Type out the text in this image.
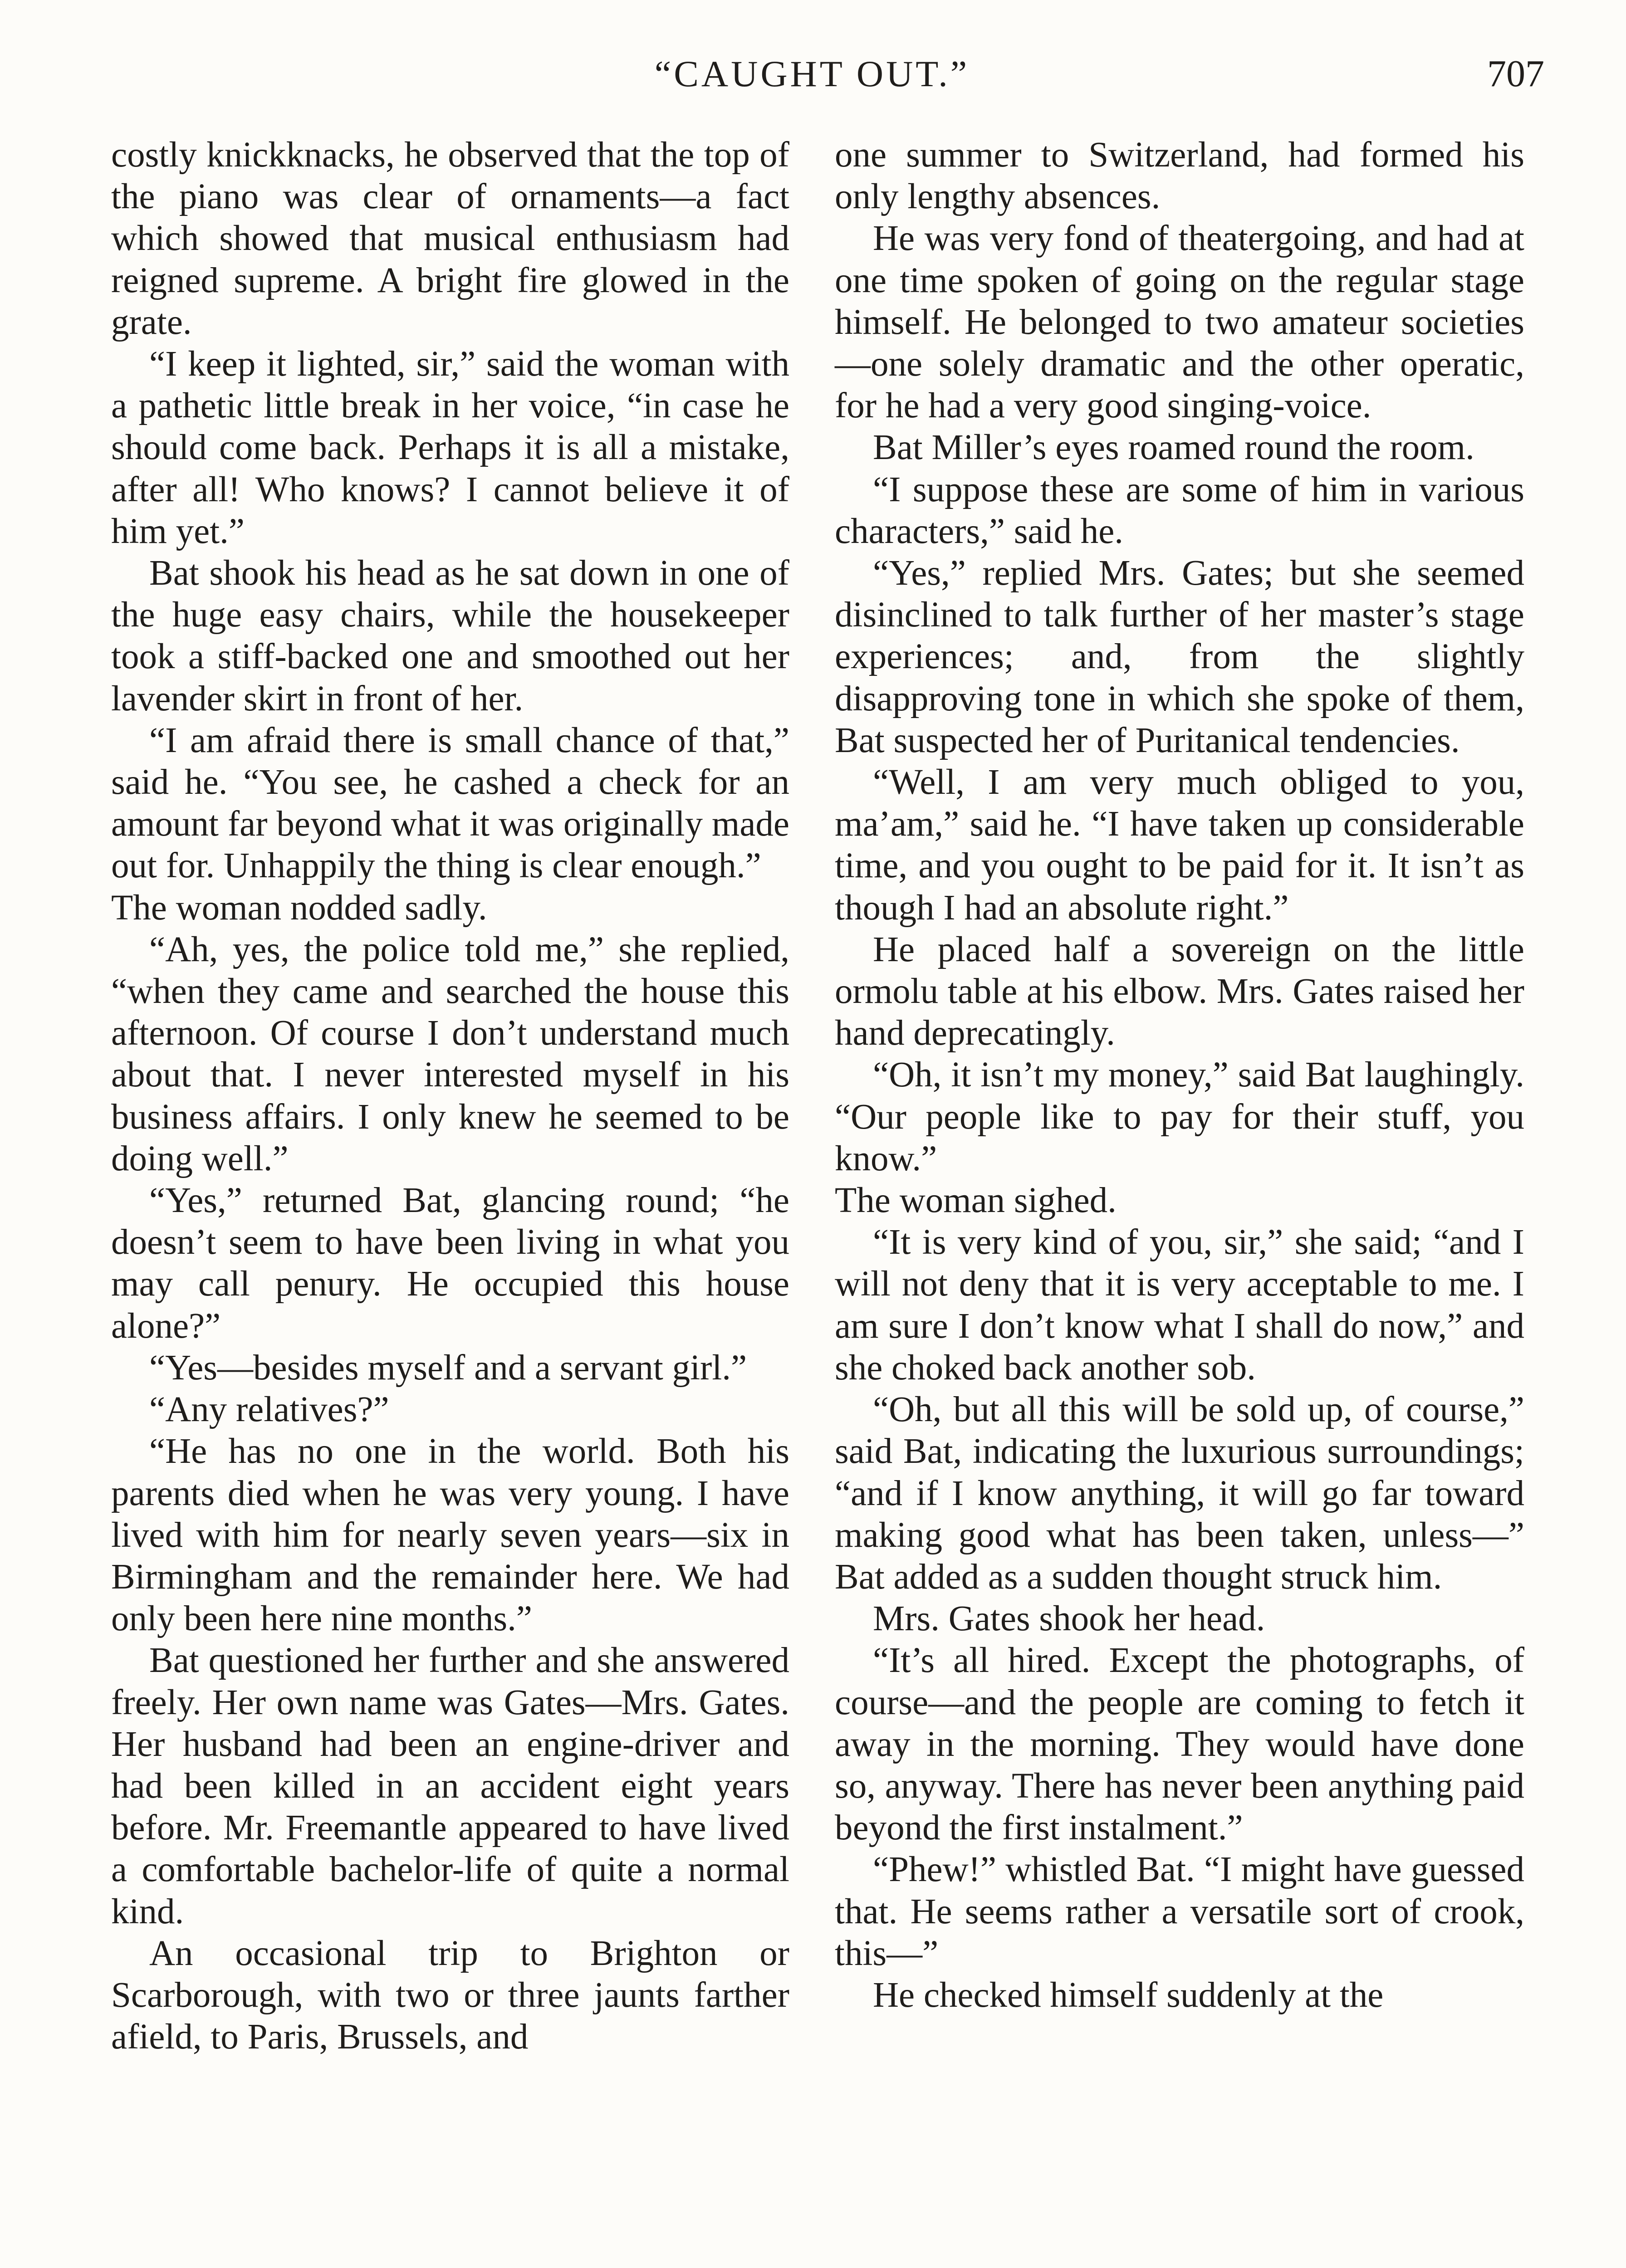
“CAUGHT OUT.”	707

costly knickknacks, he observed that the top of the piano was clear of ornaments—a fact which showed that musical enthusiasm had reigned supreme. A bright fire glowed in the grate.

“I keep it lighted, sir,” said the woman with a pathetic little break in her voice, “in case he should come back. Perhaps it is all a mistake, after all! Who knows? I cannot believe it of him yet.”

Bat shook his head as he sat down in one of the huge easy chairs, while the housekeeper took a stiff-backed one and smoothed out her lavender skirt in front of her.

“I am afraid there is small chance of that,” said he. “You see, he cashed a check for an amount far beyond what it was originally made out for. Unhappily the thing is clear enough.”

The woman nodded sadly.

“Ah, yes, the police told me,” she replied, “when they came and searched the house this afternoon. Of course I don’t understand much about that. I never interested myself in his business affairs. I only knew he seemed to be doing well.”

“Yes,” returned Bat, glancing round; “he doesn’t seem to have been living in what you may call penury. He occupied this house alone?”

“Yes—besides myself and a servant girl.”

“Any relatives?”

“He has no one in the world. Both his parents died when he was very young. I have lived with him for nearly seven years—six in Birmingham and the remainder here. We had only been here nine months.”

Bat questioned her further and she answered freely. Her own name was Gates—Mrs. Gates. Her husband had been an engine-driver and had been killed in an accident eight years before. Mr. Freemantle appeared to have lived a comfortable bachelor-life of quite a normal kind.

An occasional trip to Brighton or Scarborough, with two or three jaunts farther afield, to Paris, Brussels, and

one summer to Switzerland, had formed his only lengthy absences.

He was very fond of theatergoing, and had at one time spoken of going on the regular stage himself. He belonged to two amateur societies—one solely dramatic and the other operatic, for he had a very good singing-voice.

Bat Miller’s eyes roamed round the room.

“I suppose these are some of him in various characters,” said he.

“Yes,” replied Mrs. Gates; but she seemed disinclined to talk further of her master’s stage experiences; and, from the slightly disapproving tone in which she spoke of them, Bat suspected her of Puritanical tendencies.

“Well, I am very much obliged to you, ma’am,” said he. “I have taken up considerable time, and you ought to be paid for it. It isn’t as though I had an absolute right.”

He placed half a sovereign on the little ormolu table at his elbow. Mrs. Gates raised her hand deprecatingly.

“Oh, it isn’t my money,” said Bat laughingly. “Our people like to pay for their stuff, you know.”

The woman sighed.

“It is very kind of you, sir,” she said; “and I will not deny that it is very acceptable to me. I am sure I don’t know what I shall do now,” and she choked back another sob.

“Oh, but all this will be sold up, of course,” said Bat, indicating the luxurious surroundings; “and if I know anything, it will go far toward making good what has been taken, unless—” Bat added as a sudden thought struck him.

Mrs. Gates shook her head.

“It’s all hired. Except the photographs, of course—and the people are coming to fetch it away in the morning. They would have done so, anyway. There has never been anything paid beyond the first instalment.”

“Phew!” whistled Bat. “I might have guessed that. He seems rather a versatile sort of crook, this—”

He checked himself suddenly at the
